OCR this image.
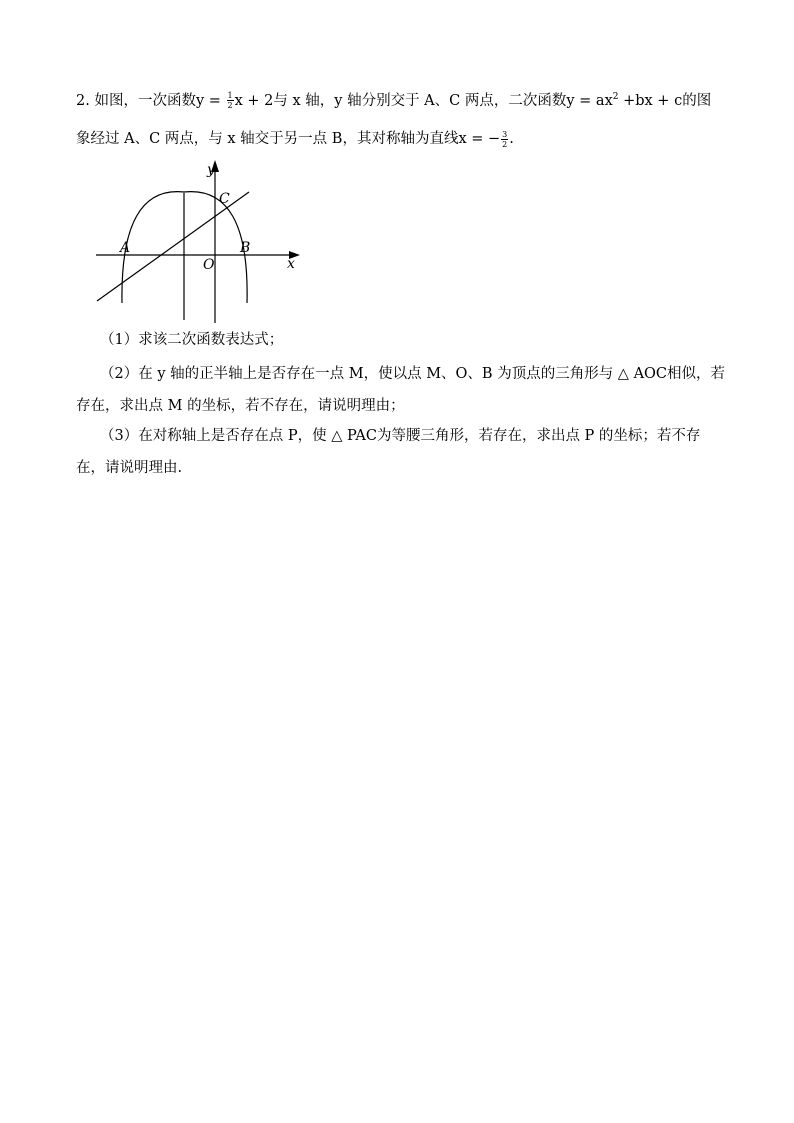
2. 如图，一次函数$y = \frac{1}{2}$ x + 2与 x 轴，y 轴分别交于 A、C 两点，二次函数$y = ax^2 +bx + c$的图
象经过 A、C 两点，与 x 轴交于另一点 B，其对称轴为直线x = − $\frac{3}{2}$ .
y
x
A	B
C
O
（1）求该二次函数表达式；
（2）在 y 轴的正半轴上是否存在一点 M，使以点 M、O、B 为顶点的三角形与 △ AOC相似，若
存在，求出点 M 的坐标，若不存在，请说明理由；
（3）在对称轴上是否存在点 P，使 △ PAC为等腰三角形，若存在，求出点 P 的坐标；若不存
在，请说明理由.
